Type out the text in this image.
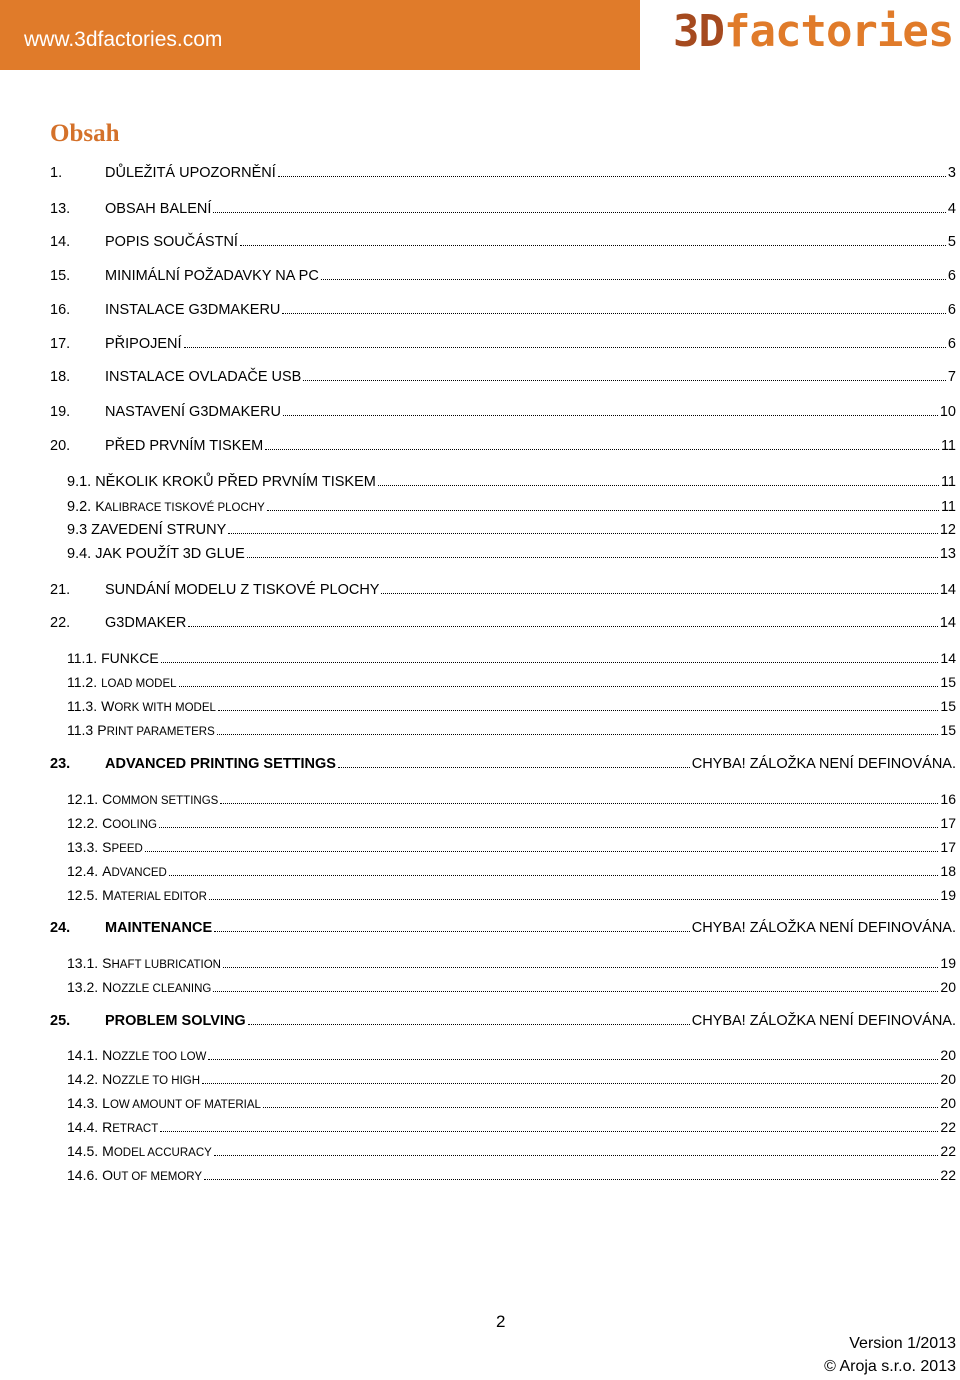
www.3dfactories.com	3Dfactories
Obsah
1.	DŮLEŽITÁ UPOZORNĚNÍ	3
13.	OBSAH BALENÍ	4
14.	POPIS SOUČÁSTNÍ	5
15.	MINIMÁLNÍ POŽADAVKY NA PC	6
16.	INSTALACE G3DMAKERU	6
17.	PŘIPOJENÍ	6
18.	INSTALACE OVLADAČE USB	7
19.	NASTAVENÍ G3DMAKERU	10
20.	PŘED PRVNÍM TISKEM	11
9.1. NĚKOLIK KROKŮ PŘED PRVNÍM TISKEM	11
9.2. KALIBRACE TISKOVÉ PLOCHY	11
9.3 ZAVEDENÍ STRUNY	12
9.4. JAK POUŽÍT 3D GLUE	13
21.	SUNDÁNÍ MODELU Z TISKOVÉ PLOCHY	14
22.	G3DMAKER	14
11.1. FUNKCE	14
11.2. LOAD MODEL	15
11.3. WORK WITH MODEL	15
11.3 PRINT PARAMETERS	15
23.	ADVANCED PRINTING SETTINGS	CHYBA! ZÁLOŽKA NENÍ DEFINOVÁNA.
12.1. COMMON SETTINGS	16
12.2. COOLING	17
13.3. SPEED	17
12.4. ADVANCED	18
12.5. MATERIAL EDITOR	19
24.	MAINTENANCE	CHYBA! ZÁLOŽKA NENÍ DEFINOVÁNA.
13.1. SHAFT LUBRICATION	19
13.2. NOZZLE CLEANING	20
25.	PROBLEM SOLVING	CHYBA! ZÁLOŽKA NENÍ DEFINOVÁNA.
14.1. NOZZLE TOO LOW	20
14.2. NOZZLE TO HIGH	20
14.3. LOW AMOUNT OF MATERIAL	20
14.4. RETRACT	22
14.5. MODEL ACCURACY	22
14.6. OUT OF MEMORY	22
2
Version 1/2013
© Aroja s.r.o. 2013
